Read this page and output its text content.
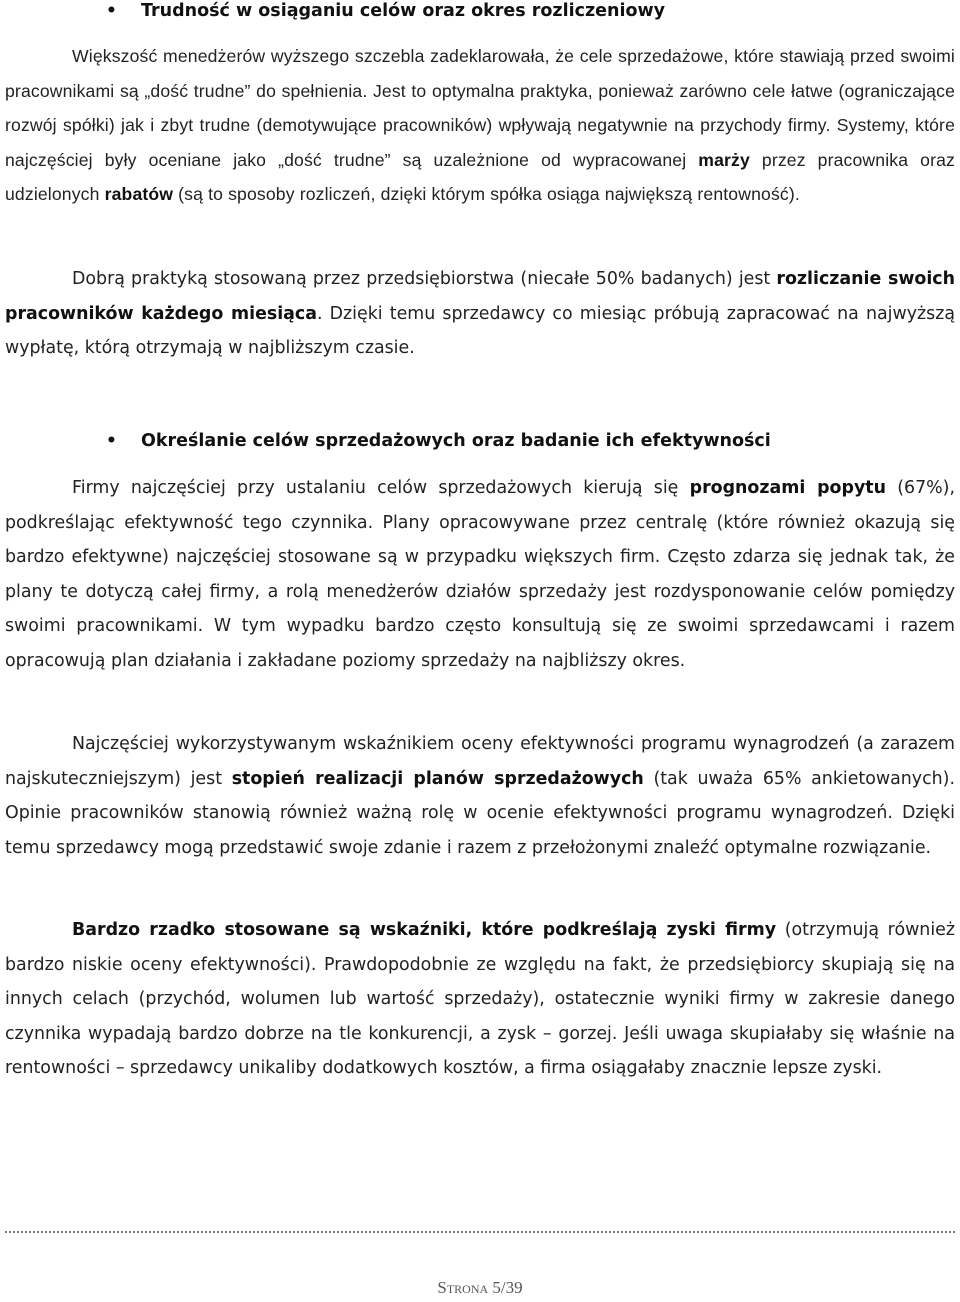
• Trudność w osiąganiu celów oraz okres rozliczeniowy

Większość menedżerów wyższego szczebla zadeklarowała, że cele sprzedażowe, które stawiają przed swoimi pracownikami są „dość trudne” do spełnienia. Jest to optymalna praktyka, ponieważ zarówno cele łatwe (ograniczające rozwój spółki) jak i zbyt trudne (demotywujące pracowników) wpływają negatywnie na przychody firmy. Systemy, które najczęściej były oceniane jako „dość trudne” są uzależnione od wypracowanej marży przez pracownika oraz udzielonych rabatów (są to sposoby rozliczeń, dzięki którym spółka osiąga największą rentowność).

Dobrą praktyką stosowaną przez przedsiębiorstwa (niecałe 50% badanych) jest rozliczanie swoich pracowników każdego miesiąca. Dzięki temu sprzedawcy co miesiąc próbują zapracować na najwyższą wypłatę, którą otrzymają w najbliższym czasie.

• Określanie celów sprzedażowych oraz badanie ich efektywności

Firmy najczęściej przy ustalaniu celów sprzedażowych kierują się prognozami popytu (67%), podkreślając efektywność tego czynnika. Plany opracowywane przez centralę (które również okazują się bardzo efektywne) najczęściej stosowane są w przypadku większych firm. Często zdarza się jednak tak, że plany te dotyczą całej firmy, a rolą menedżerów działów sprzedaży jest rozdysponowanie celów pomiędzy swoimi pracownikami. W tym wypadku bardzo często konsultują się ze swoimi sprzedawcami i razem opracowują plan działania i zakładane poziomy sprzedaży na najbliższy okres.

Najczęściej wykorzystywanym wskaźnikiem oceny efektywności programu wynagrodzeń (a zarazem najskuteczniejszym) jest stopień realizacji planów sprzedażowych (tak uważa 65% ankietowanych). Opinie pracowników stanowią również ważną rolę w ocenie efektywności programu wynagrodzeń. Dzięki temu sprzedawcy mogą przedstawić swoje zdanie i razem z przełożonymi znaleźć optymalne rozwiązanie.

Bardzo rzadko stosowane są wskaźniki, które podkreślają zyski firmy (otrzymują również bardzo niskie oceny efektywności). Prawdopodobnie ze względu na fakt, że przedsiębiorcy skupiają się na innych celach (przychód, wolumen lub wartość sprzedaży), ostatecznie wyniki firmy w zakresie danego czynnika wypadają bardzo dobrze na tle konkurencji, a zysk – gorzej. Jeśli uwaga skupiałaby się właśnie na rentowności – sprzedawcy unikaliby dodatkowych kosztów, a firma osiągałaby znacznie lepsze zyski.

Strona 5/39
